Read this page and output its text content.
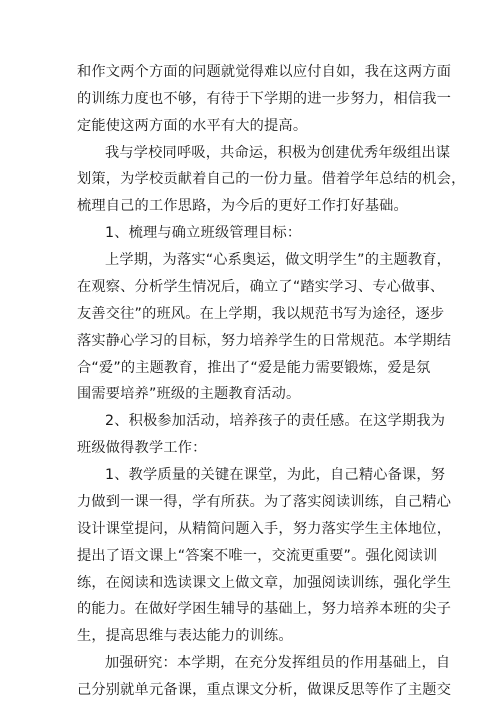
和作文两个方面的问题就觉得难以应付自如，我在这两方面
的训练力度也不够，有待于下学期的进一步努力，相信我一
定能使这两方面的水平有大的提高。
我与学校同呼吸，共命运，积极为创建优秀年级组出谋
划策，为学校贡献着自己的一份力量。借着学年总结的机会，
梳理自己的工作思路，为今后的更好工作打好基础。
1、梳理与确立班级管理目标：
上学期，为落实“心系奥运，做文明学生”的主题教育，
在观察、分析学生情况后，确立了“踏实学习、专心做事、
友善交往”的班风。在上学期，我以规范书写为途径，逐步
落实静心学习的目标，努力培养学生的日常规范。本学期结
合“爱”的主题教育，推出了“爱是能力需要锻炼，爱是氛
围需要培养”班级的主题教育活动。
2、积极参加活动，培养孩子的责任感。在这学期我为
班级做得教学工作：
1、教学质量的关键在课堂，为此，自己精心备课，努
力做到一课一得，学有所获。为了落实阅读训练，自己精心
设计课堂提问，从精简问题入手，努力落实学生主体地位，
提出了语文课上“答案不唯一，交流更重要”。强化阅读训
练，在阅读和选读课文上做文章，加强阅读训练，强化学生
的能力。在做好学困生辅导的基础上，努力培养本班的尖子
生，提高思维与表达能力的训练。
加强研究：本学期，在充分发挥组员的作用基础上，自
己分别就单元备课，重点课文分析，做课反思等作了主题交
